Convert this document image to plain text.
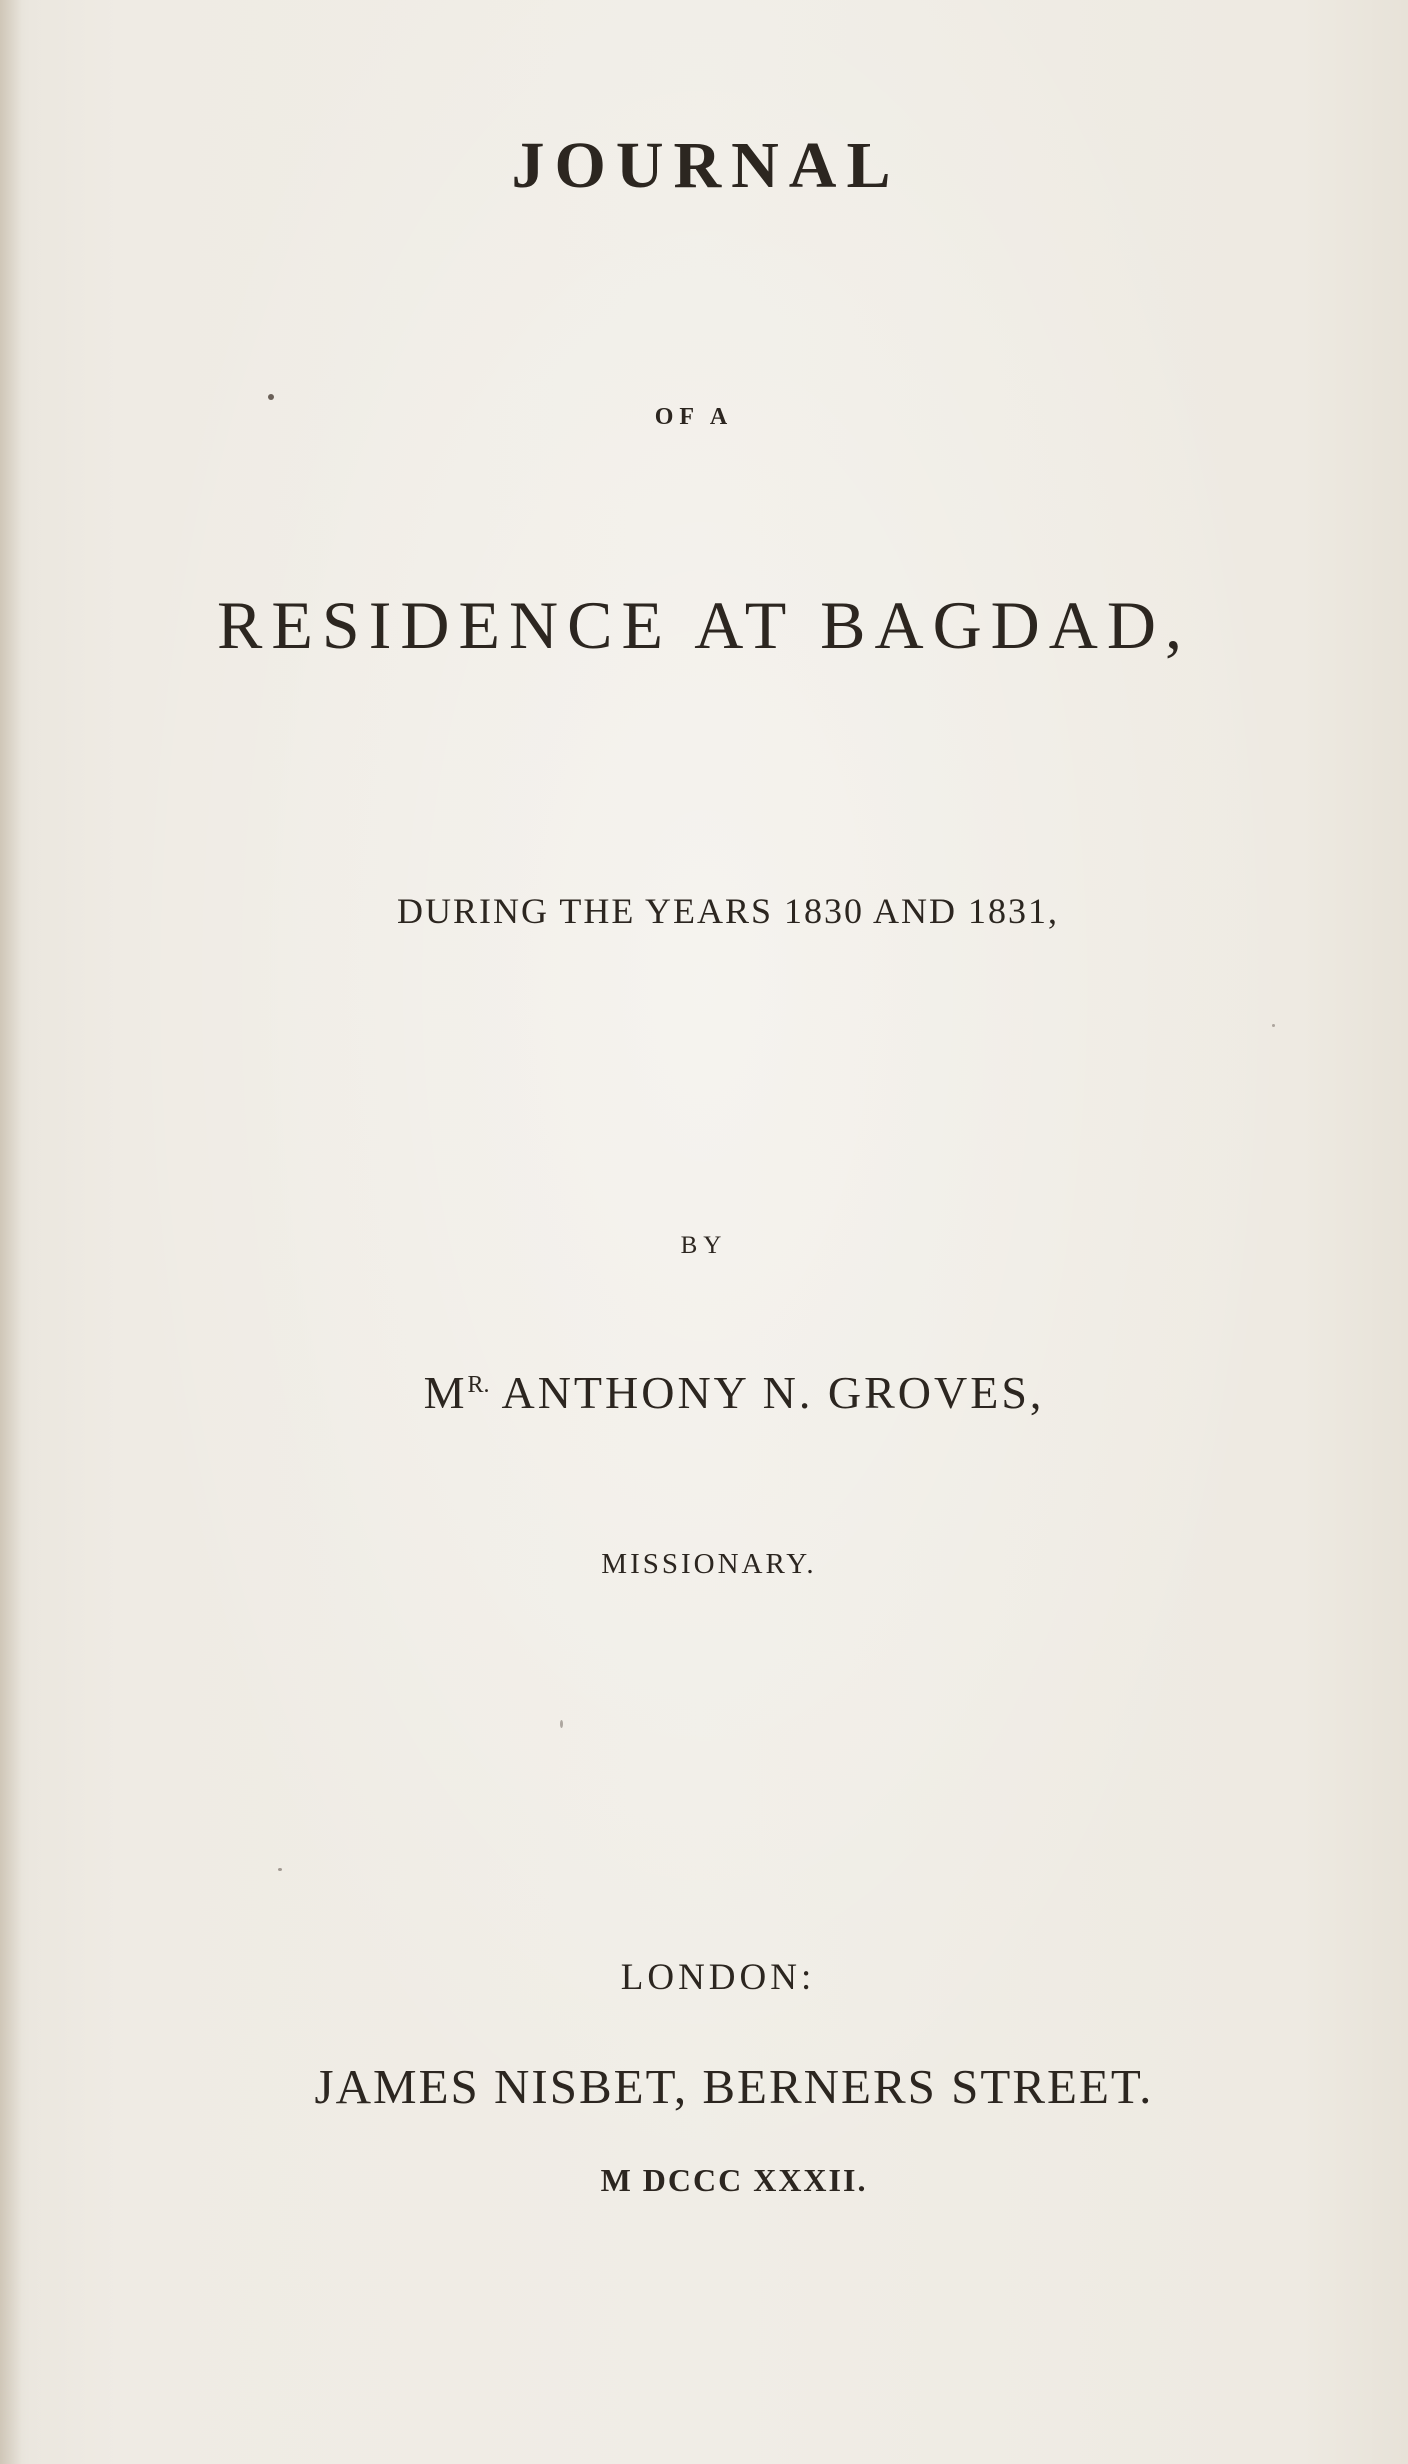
JOURNAL
OF A
RESIDENCE AT BAGDAD,
DURING THE YEARS 1830 AND 1831,
BY
$M^{R.}$ ANTHONY N. GROVES,
MISSIONARY.
LONDON:
JAMES NISBET, BERNERS STREET.
M DCCC XXXII.
